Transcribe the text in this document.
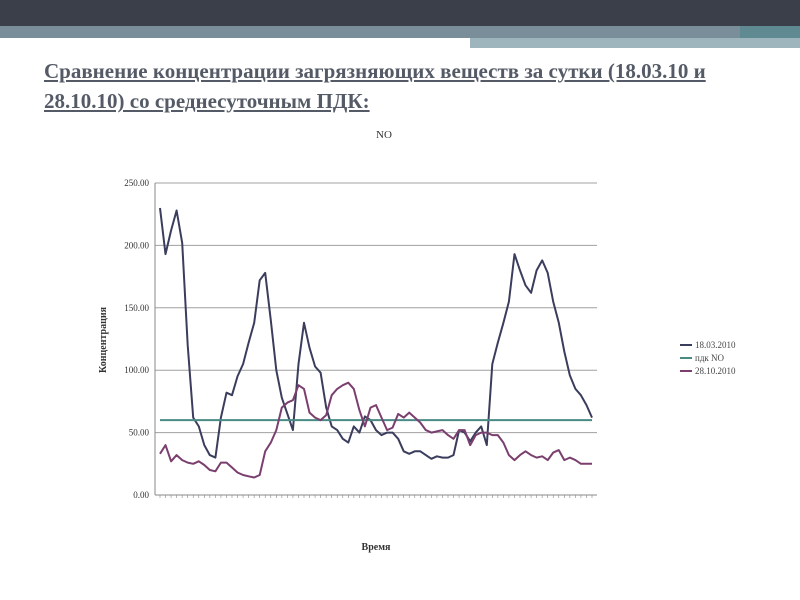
Сравнение концентрации загрязняющих веществ за сутки (18.03.10 и 28.10.10) со среднесуточным ПДК:
NO
0.00
50.00
100.00
150.00
200.00
250.00
Концентрация
Время
18.03.2010
пдк NO
28.10.2010
